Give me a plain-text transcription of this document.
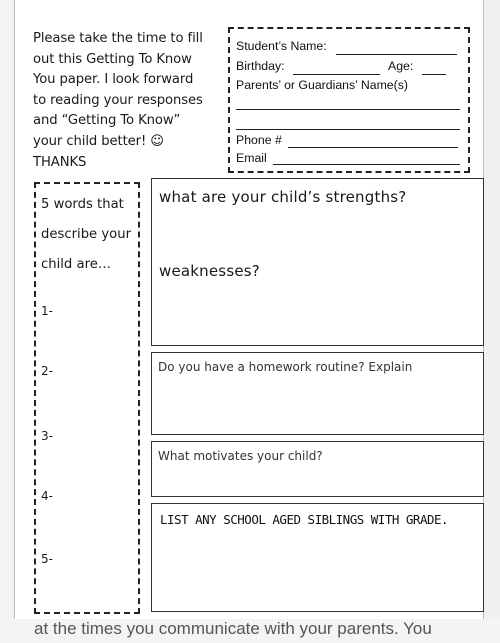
at the times you communicate with your parents. You
Please take the time to fill
out this Getting To Know
You paper. I look forward
to reading your responses
and “Getting To Know”
your child better! ☺
THANKS
Student’s Name:
Birthday:	Age:
Parents’ or Guardians’ Name(s)
Phone #
Email
5 words that
describe your
child are…
1-
2-
3-
4-
5-
what are your child’s strengths?
weaknesses?
Do you have a homework routine? Explain
What motivates your child?
LIST ANY SCHOOL AGED SIBLINGS WITH GRADE.
